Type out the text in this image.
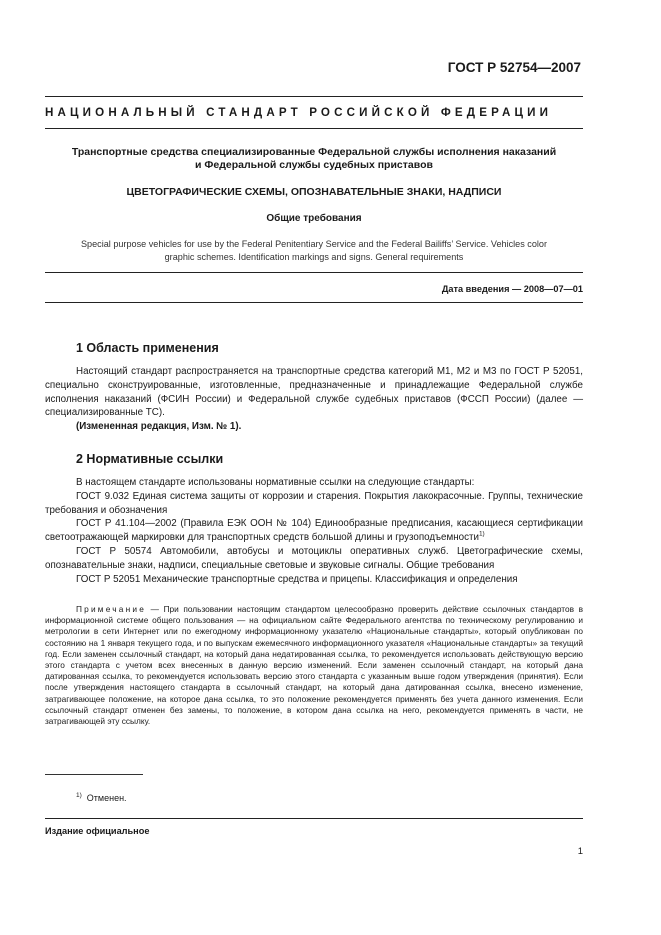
ГОСТ Р 52754—2007
НАЦИОНАЛЬНЫЙ СТАНДАРТ РОССИЙСКОЙ ФЕДЕРАЦИИ
Транспортные средства специализированные Федеральной службы исполнения наказаний
и Федеральной службы судебных приставов
ЦВЕТОГРАФИЧЕСКИЕ СХЕМЫ, ОПОЗНАВАТЕЛЬНЫЕ ЗНАКИ, НАДПИСИ
Общие требования
Special purpose vehicles for use by the Federal Penitentiary Service and the Federal Bailiffs’ Service. Vehicles color
graphic schemes. Identification markings and signs. General requirements
Дата введения — 2008—07—01
1 Область применения

Настоящий стандарт распространяется на транспортные средства категорий М1, М2 и М3 по ГОСТ Р 52051, специально сконструированные, изготовленные, предназначенные и принадлежащие Федеральной службе исполнения наказаний (ФСИН России) и Федеральной службе судебных приставов (ФССП России) (далее — специализированные ТС).

(Измененная редакция, Изм. № 1).

2 Нормативные ссылки

В настоящем стандарте использованы нормативные ссылки на следующие стандарты:

ГОСТ 9.032 Единая система защиты от коррозии и старения. Покрытия лакокрасочные. Группы, технические требования и обозначения

ГОСТ Р 41.104—2002 (Правила ЕЭК ООН № 104) Единообразные предписания, касающиеся сертификации светоотражающей маркировки для транспортных средств большой длины и грузоподъемности$^{1)}$

ГОСТ Р 50574 Автомобили, автобусы и мотоциклы оперативных служб. Цветографические схемы, опознавательные знаки, надписи, специальные световые и звуковые сигналы. Общие требования

ГОСТ Р 52051 Механические транспортные средства и прицепы. Классификация и определения

Примечание — При пользовании настоящим стандартом целесообразно проверить действие ссылочных стандартов в информационной системе общего пользования — на официальном сайте Федерального агентства по техническому регулированию и метрологии в сети Интернет или по ежегодному информационному указателю «Национальные стандарты», который опубликован по состоянию на 1 января текущего года, и по выпускам ежемесячного информационного указателя «Национальные стандарты» за текущий год. Если заменен ссылочный стандарт, на который дана недатированная ссылка, то рекомендуется использовать действующую версию этого стандарта с учетом всех внесенных в данную версию изменений. Если заменен ссылочный стандарт, на который дана датированная ссылка, то рекомендуется использовать версию этого стандарта с указанным выше годом утверждения (принятия). Если после утверждения настоящего стандарта в ссылочный стандарт, на который дана датированная ссылка, внесено изменение, затрагивающее положение, на которое дана ссылка, то это положение рекомендуется применять без учета данного изменения. Если ссылочный стандарт отменен без замены, то положение, в котором дана ссылка на него, рекомендуется применять в части, не затрагивающей эту ссылку.

$^{1)}$ Отменен.
Издание официальное
1
